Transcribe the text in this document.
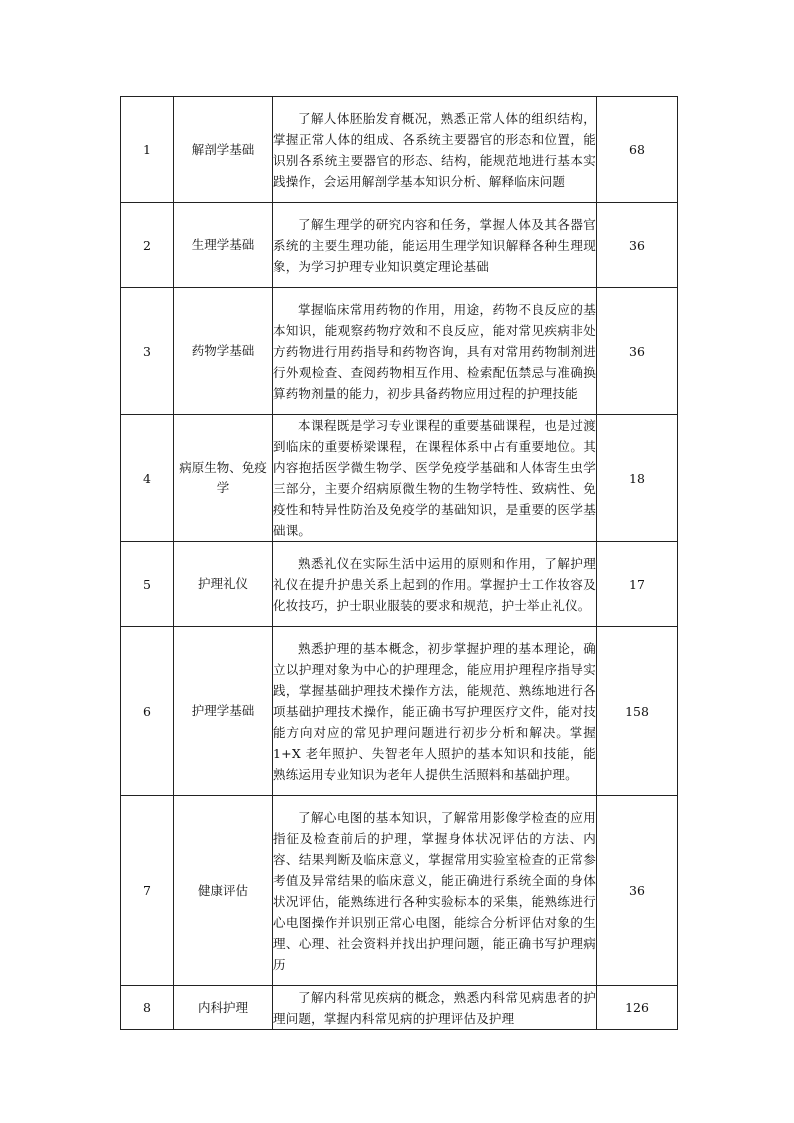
1	解剖学基础	了解人体胚胎发育概况，熟悉正常人体的组织结构，掌握正常人体的组成、各系统主要器官的形态和位置，能识别各系统主要器官的形态、结构，能规范地进行基本实践操作，会运用解剖学基本知识分析、解释临床问题	68
2	生理学基础	了解生理学的研究内容和任务，掌握人体及其各器官系统的主要生理功能，能运用生理学知识解释各种生理现象，为学习护理专业知识奠定理论基础	36
3	药物学基础	掌握临床常用药物的作用，用途，药物不良反应的基本知识，能观察药物疗效和不良反应，能对常见疾病非处方药物进行用药指导和药物咨询，具有对常用药物制剂进行外观检查、查阅药物相互作用、检索配伍禁忌与准确换算药物剂量的能力，初步具备药物应用过程的护理技能	36
4	病原生物、免疫学	本课程既是学习专业课程的重要基础课程，也是过渡到临床的重要桥梁课程，在课程体系中占有重要地位。其内容抱括医学微生物学、医学免疫学基础和人体寄生虫学三部分，主要介绍病原微生物的生物学特性、致病性、免疫性和特异性防治及免疫学的基础知识，是重要的医学基础课。	18
5	护理礼仪	熟悉礼仪在实际生活中运用的原则和作用，了解护理礼仪在提升护患关系上起到的作用。掌握护士工作妆容及化妆技巧，护士职业服装的要求和规范，护士举止礼仪。	17
6	护理学基础	熟悉护理的基本概念，初步掌握护理的基本理论，确立以护理对象为中心的护理理念，能应用护理程序指导实践，掌握基础护理技术操作方法，能规范、熟练地进行各项基础护理技术操作，能正确书写护理医疗文件，能对技能方向对应的常见护理问题进行初步分析和解决。掌握 1+X 老年照护、失智老年人照护的基本知识和技能，能熟练运用专业知识为老年人提供生活照料和基础护理。	158
7	健康评估	了解心电图的基本知识，了解常用影像学检查的应用指征及检查前后的护理，掌握身体状况评估的方法、内容、结果判断及临床意义，掌握常用实验室检查的正常参考值及异常结果的临床意义，能正确进行系统全面的身体状况评估，能熟练进行各种实验标本的采集，能熟练进行心电图操作并识别正常心电图，能综合分析评估对象的生理、心理、社会资料并找出护理问题，能正确书写护理病历	36
8	内科护理	了解内科常见疾病的概念，熟悉内科常见病患者的护理问题，掌握内科常见病的护理评估及护理	126
